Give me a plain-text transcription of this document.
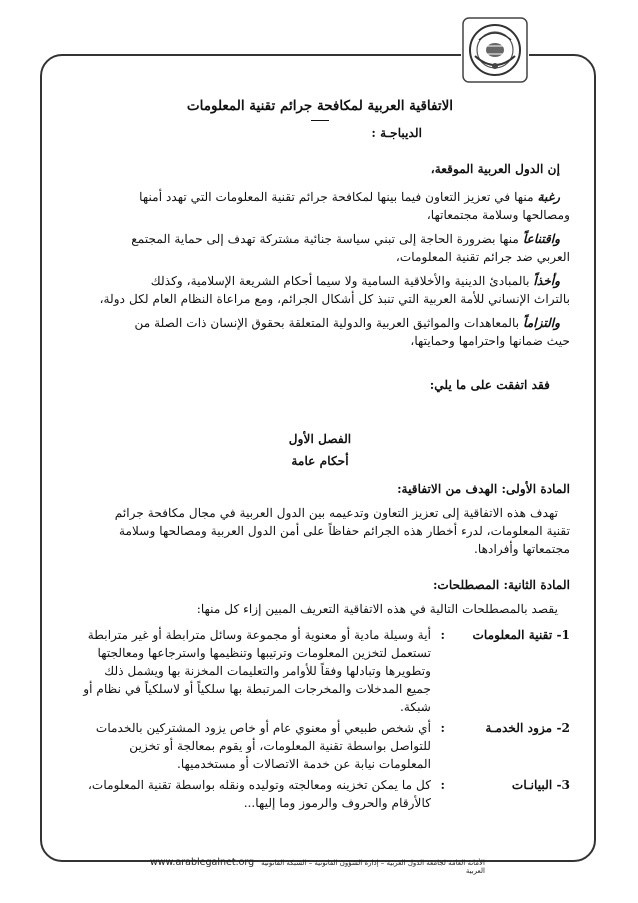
الاتفاقية العربية لمكافحة جرائم تقنية المعلومات

الديباجـة :

إن الدول العربية الموقعة،

رغبة منها في تعزيز التعاون فيما بينها لمكافحة جرائم تقنية المعلومات التي تهدد أمنها

ومصالحها وسلامة مجتمعاتها،

واقتناعاً منها بضرورة الحاجة إلى تبني سياسة جنائية مشتركة تهدف إلى حماية المجتمع

العربي ضد جرائم تقنية المعلومات،

وأخذاً بالمبادئ الدينية والأخلاقية السامية ولا سيما أحكام الشريعة الإسلامية، وكذلك

بالتراث الإنساني للأمة العربية التي تنبذ كل أشكال الجرائم، ومع مراعاة النظام العام لكل دولة،

والتزاماً بالمعاهدات والمواثيق العربية والدولية المتعلقة بحقوق الإنسان ذات الصلة من

حيث ضمانها واحترامها وحمايتها،

فقد اتفقت على ما يلي:

الفصل الأول

أحكام عامة

المادة الأولى: الهدف من الاتفاقية:

تهدف هذه الاتفاقية إلى تعزيز التعاون وتدعيمه بين الدول العربية في مجال مكافحة جرائم

تقنية المعلومات، لدرء أخطار هذه الجرائم حفاظاً على أمن الدول العربية ومصالحها وسلامة

مجتمعاتها وأفرادها.

المادة الثانية: المصطلحات:

يقصد بالمصطلحات التالية في هذه الاتفاقية التعريف المبين إزاء كل منها:

1- تقنية المعلومات
:
أية وسيلة مادية أو معنوية أو مجموعة وسائل مترابطة أو غير مترابطة
تستعمل لتخزين المعلومات وترتيبها وتنظيمها واسترجاعها ومعالجتها
وتطويرها وتبادلها وفقاً للأوامر والتعليمات المخزنة بها ويشمل ذلك
جميع المدخلات والمخرجات المرتبطة بها سلكياً أو لاسلكياً في نظام أو
شبكة.
2- مزود الخدمـة
:
أي شخص طبيعي أو معنوي عام أو خاص يزود المشتركين بالخدمات
للتواصل بواسطة تقنية المعلومات، أو يقوم بمعالجة أو تخزين
المعلومات نيابة عن خدمة الاتصالات أو مستخدميها.
3- البيانـات
:
كل ما يمكن تخزينه ومعالجته وتوليده ونقله بواسطة تقنية المعلومات،
كالأرقام والحروف والرموز وما إليها...
www.arablegalnet.org الأمانة العامة لجامعة الدول العربية – إدارة الشؤون القانونية – الشبكة القانونية العربية
